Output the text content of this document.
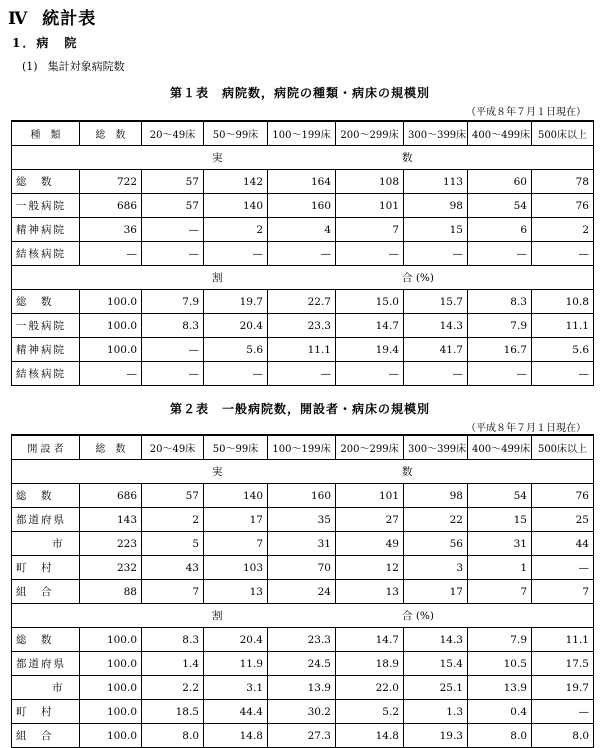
Ⅳ 統計表
1．病　院
(1) 集計対象病院数
第１表　病院数，病院の種類・病床の規模別
（平成８年７月１日現在）
種　類	総　数	20～49床	50～99床	100～199床	200～299床	300～399床	400～499床	500床以上

実 数								

総　数	722	57	142	164	108	113	60	78
一般病院	686	57	140	160	101	98	54	76
精神病院	36	—	2	4	7	15	6	2
結核病院	—	—	—	—	—	—	—	—

割 合 (%)								

総　数	100.0	7.9	19.7	22.7	15.0	15.7	8.3	10.8
一般病院	100.0	8.3	20.4	23.3	14.7	14.3	7.9	11.1
精神病院	100.0	—	5.6	11.1	19.4	41.7	16.7	5.6
結核病院	—	—	—	—	—	—	—	—
第２表　一般病院数，開設者・病床の規模別
（平成８年７月１日現在）
開 設 者	総　数	20～49床	50～99床	100～199床	200～299床	300～399床	400～499床	500床以上

実 数								

総　数	686	57	140	160	101	98	54	76
都道府県	143	2	17	35	27	22	15	25
市	223	5	7	31	49	56	31	44
町　村	232	43	103	70	12	3	1	—
組　合	88	7	13	24	13	17	7	7

割 合 (%)								

総　数	100.0	8.3	20.4	23.3	14.7	14.3	7.9	11.1
都道府県	100.0	1.4	11.9	24.5	18.9	15.4	10.5	17.5
市	100.0	2.2	3.1	13.9	22.0	25.1	13.9	19.7
町　村	100.0	18.5	44.4	30.2	5.2	1.3	0.4	—
組　合	100.0	8.0	14.8	27.3	14.8	19.3	8.0	8.0
